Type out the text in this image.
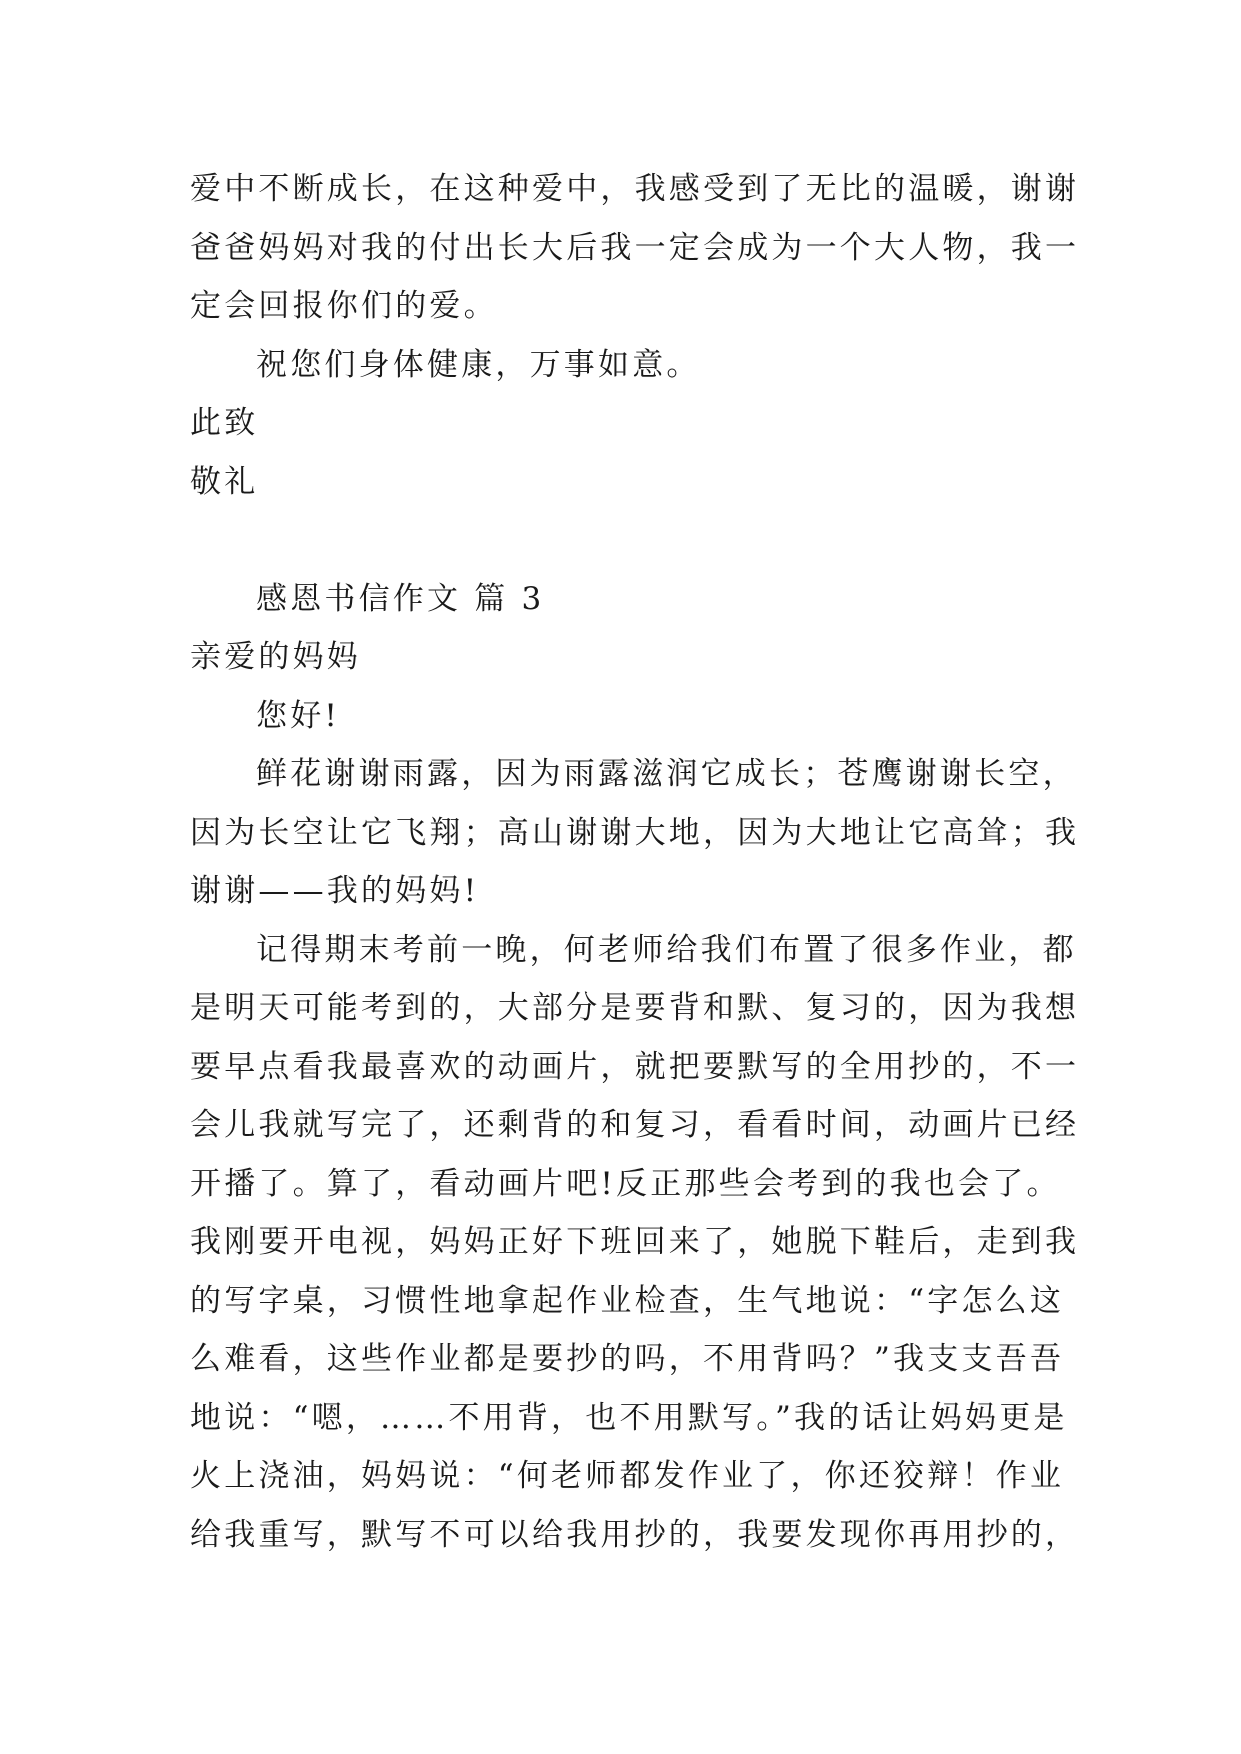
爱中不断成长，在这种爱中，我感受到了无比的温暖，谢谢
爸爸妈妈对我的付出长大后我一定会成为一个大人物，我一
定会回报你们的爱。
祝您们身体健康，万事如意。
此致
敬礼
感恩书信作文 篇 3
亲爱的妈妈
您好!
鲜花谢谢雨露，因为雨露滋润它成长；苍鹰谢谢长空，
因为长空让它飞翔；高山谢谢大地，因为大地让它高耸；我
谢谢——我的妈妈!
记得期末考前一晚，何老师给我们布置了很多作业，都
是明天可能考到的，大部分是要背和默、复习的，因为我想
要早点看我最喜欢的动画片，就把要默写的全用抄的，不一
会儿我就写完了，还剩背的和复习，看看时间，动画片已经
开播了。算了，看动画片吧!反正那些会考到的我也会了。
我刚要开电视，妈妈正好下班回来了，她脱下鞋后，走到我
的写字桌，习惯性地拿起作业检查，生气地说：“字怎么这
么难看，这些作业都是要抄的吗，不用背吗？”我支支吾吾
地说：“嗯，……不用背，也不用默写。”我的话让妈妈更是
火上浇油，妈妈说：“何老师都发作业了，你还狡辩！作业
给我重写，默写不可以给我用抄的，我要发现你再用抄的，
